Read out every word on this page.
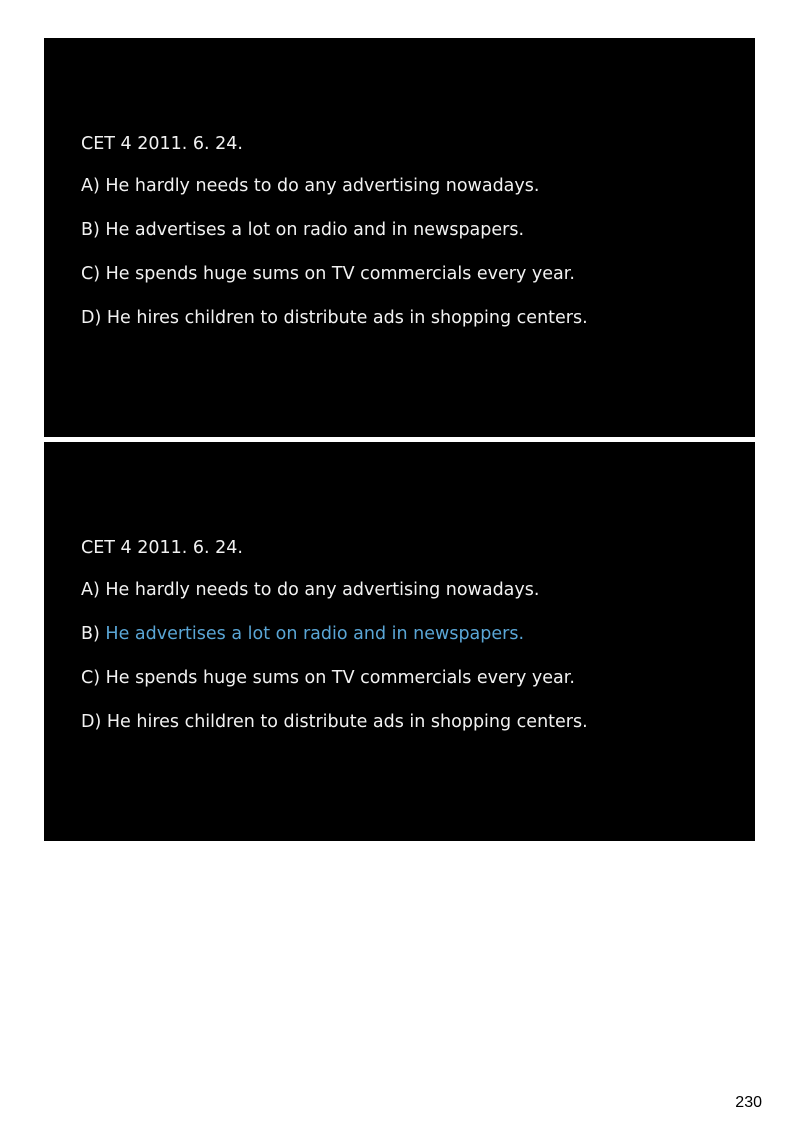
CET 4 2011. 6. 24.

A) He hardly needs to do any advertising nowadays.

B) He advertises a lot on radio and in newspapers.

C) He spends huge sums on TV commercials every year.

D) He hires children to distribute ads in shopping centers.

CET 4 2011. 6. 24.

A) He hardly needs to do any advertising nowadays.

B) He advertises a lot on radio and in newspapers.

C) He spends huge sums on TV commercials every year.

D) He hires children to distribute ads in shopping centers.

230
